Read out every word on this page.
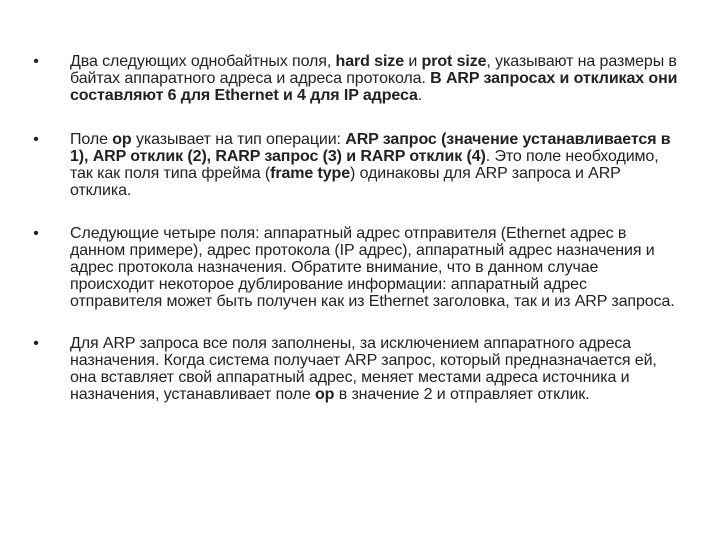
• Два следующих однобайтных поля, hard size и prot size, указывают на размеры в байтах аппаратного адреса и адреса протокола. В ARP запросах и откликах они составляют 6 для Ethernet и 4 для IP адреса.
• Поле op указывает на тип операции: ARP запрос (значение устанавливается в 1), ARP отклик (2), RARP запрос (3) и RARP отклик (4). Это поле необходимо, так как поля типа фрейма (frame type) одинаковы для ARP запроса и ARP отклика.
• Следующие четыре поля: аппаратный адрес отправителя (Ethernet адрес в данном примере), адрес протокола (IP адрес), аппаратный адрес назначения и адрес протокола назначения. Обратите внимание, что в данном случае происходит некоторое дублирование информации: аппаратный адрес отправителя может быть получен как из Ethernet заголовка, так и из ARP запроса.
• Для ARP запроса все поля заполнены, за исключением аппаратного адреса назначения. Когда система получает ARP запрос, который предназначается ей, она вставляет свой аппаратный адрес, меняет местами адреса источника и назначения, устанавливает поле op в значение 2 и отправляет отклик.
